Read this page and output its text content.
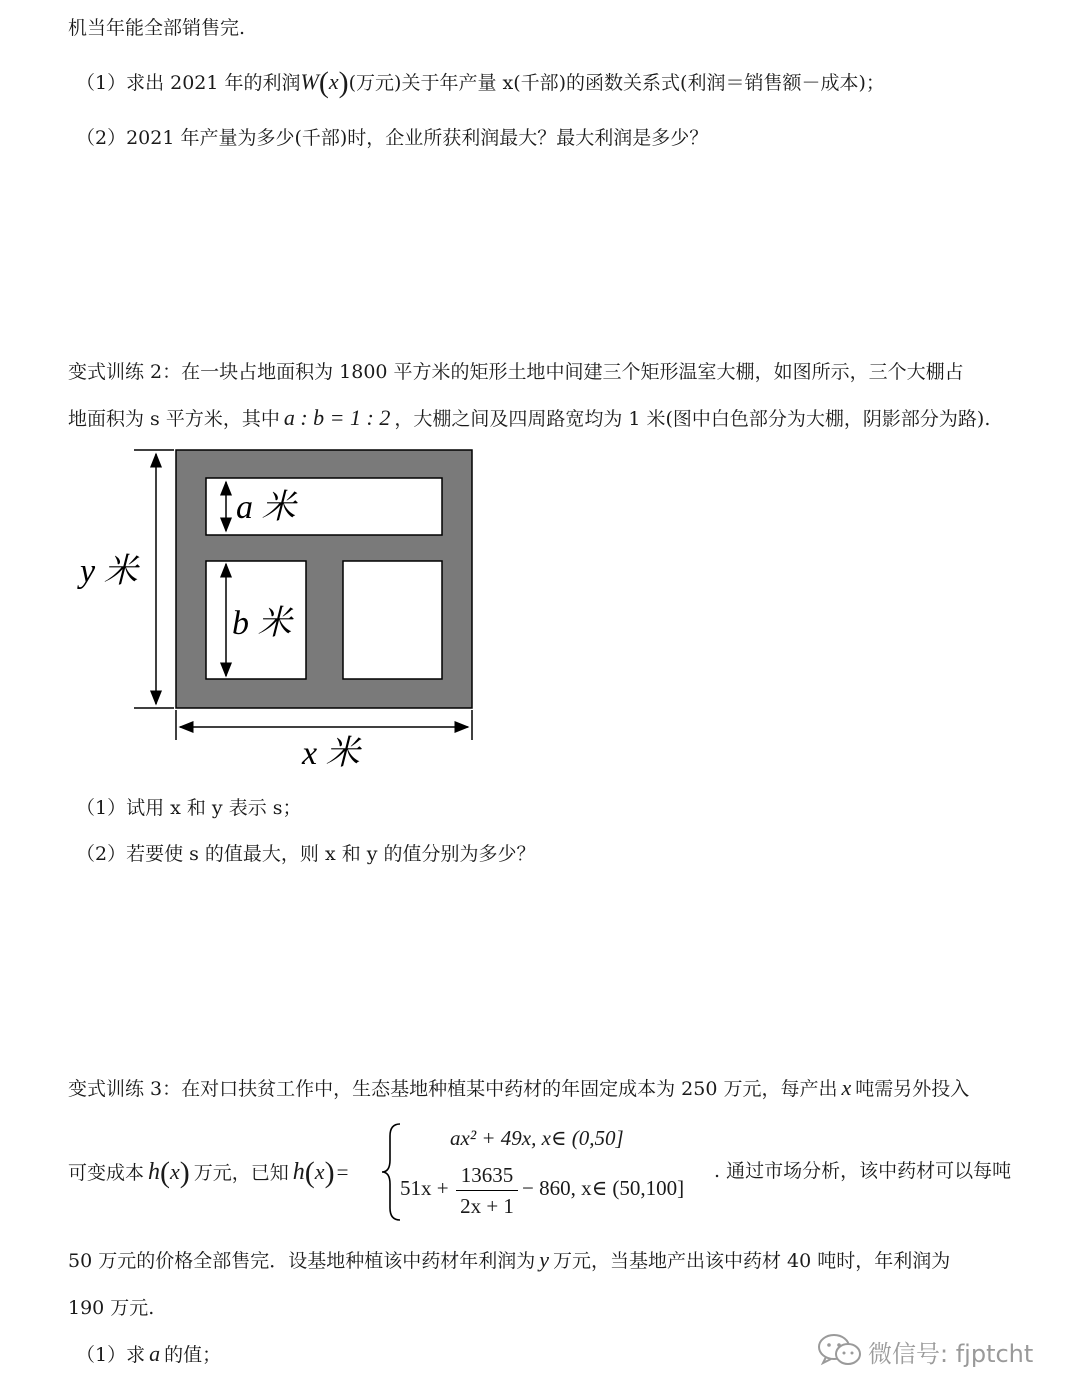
机当年能全部销售完.
（1）求出 2021 年的利润W(x)(万元)关于年产量 x(千部)的函数关系式(利润＝销售额－成本)；
（2）2021 年产量为多少(千部)时，企业所获利润最大？最大利润是多少？
变式训练 2：在一块占地面积为 1800 平方米的矩形土地中间建三个矩形温室大棚，如图所示，三个大棚占
地面积为 s 平方米，其中 a : b = 1 : 2 ，大棚之间及四周路宽均为 1 米(图中白色部分为大棚，阴影部分为路).
a 米
b 米
y 米
x 米
（1）试用 x 和 y 表示 s；
（2）若要使 s 的值最大，则 x 和 y 的值分别为多少？
变式训练 3：在对口扶贫工作中，生态基地种植某中药材的年固定成本为 250 万元，每产出 x 吨需另外投入
可变成本 h(x) 万元，已知 h(x)=
ax² + 49x, x∈ (0,50]
51x +
13635
2x + 1
− 860, x∈ (50,100]
. 通过市场分析，该中药材可以每吨
50 万元的价格全部售完．设基地种植该中药材年利润为 y 万元，当基地产出该中药材 40 吨时，年利润为
190 万元.
（1）求 a 的值；	微信号: fjptcht
